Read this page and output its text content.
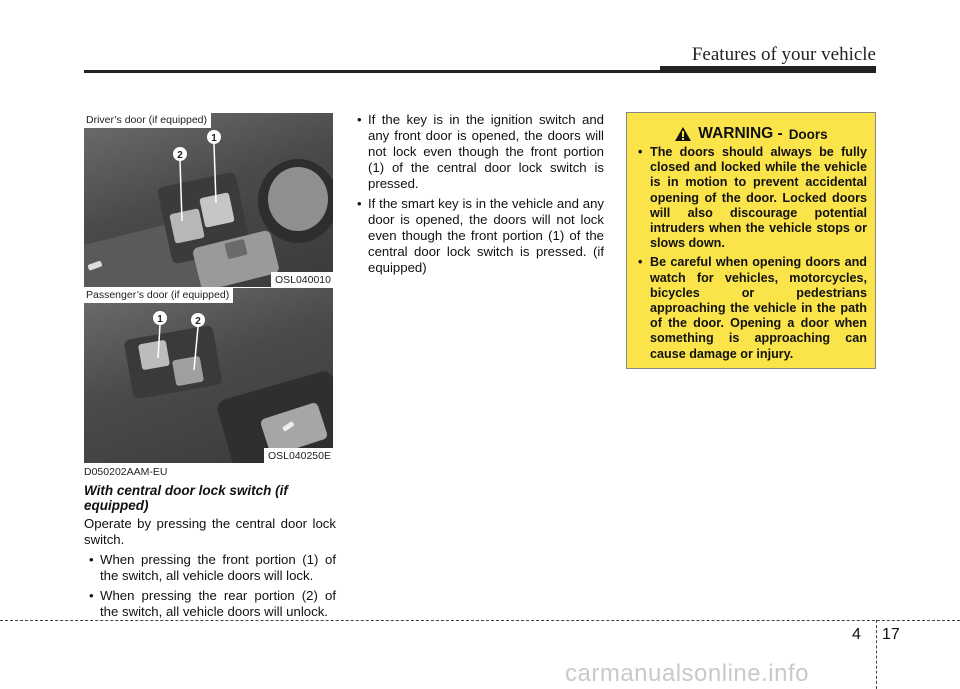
Features of your vehicle
2
1
Driver’s door (if equipped)
OSL040010
1	2
Passenger’s door (if equipped)
OSL040250E
D050202AAM-EU
With central door lock switch (if equipped)
Operate by pressing the central door lock switch.
• When pressing the front portion (1) of the switch, all vehicle doors will lock.
• When pressing the rear portion (2) of the switch, all vehicle doors will unlock.
• If the key is in the ignition switch and any front door is opened, the doors will not lock even though the front portion (1) of the central door lock switch is pressed.
• If the smart key is in the vehicle and any door is opened, the doors will not lock even though the front portion (1) of the central door lock switch is pressed. (if equipped)
WARNING - Doors
• The doors should always be fully closed and locked while the vehicle is in motion to prevent accidental opening of the door. Locked doors will also discourage potential intruders when the vehicle stops or slows down.
• Be careful when opening doors and watch for vehicles, motorcycles, bicycles or pedestrians approaching the vehicle in the path of the door. Opening a door when something is approaching can cause damage or injury.
4 17
carmanualsonline.info
